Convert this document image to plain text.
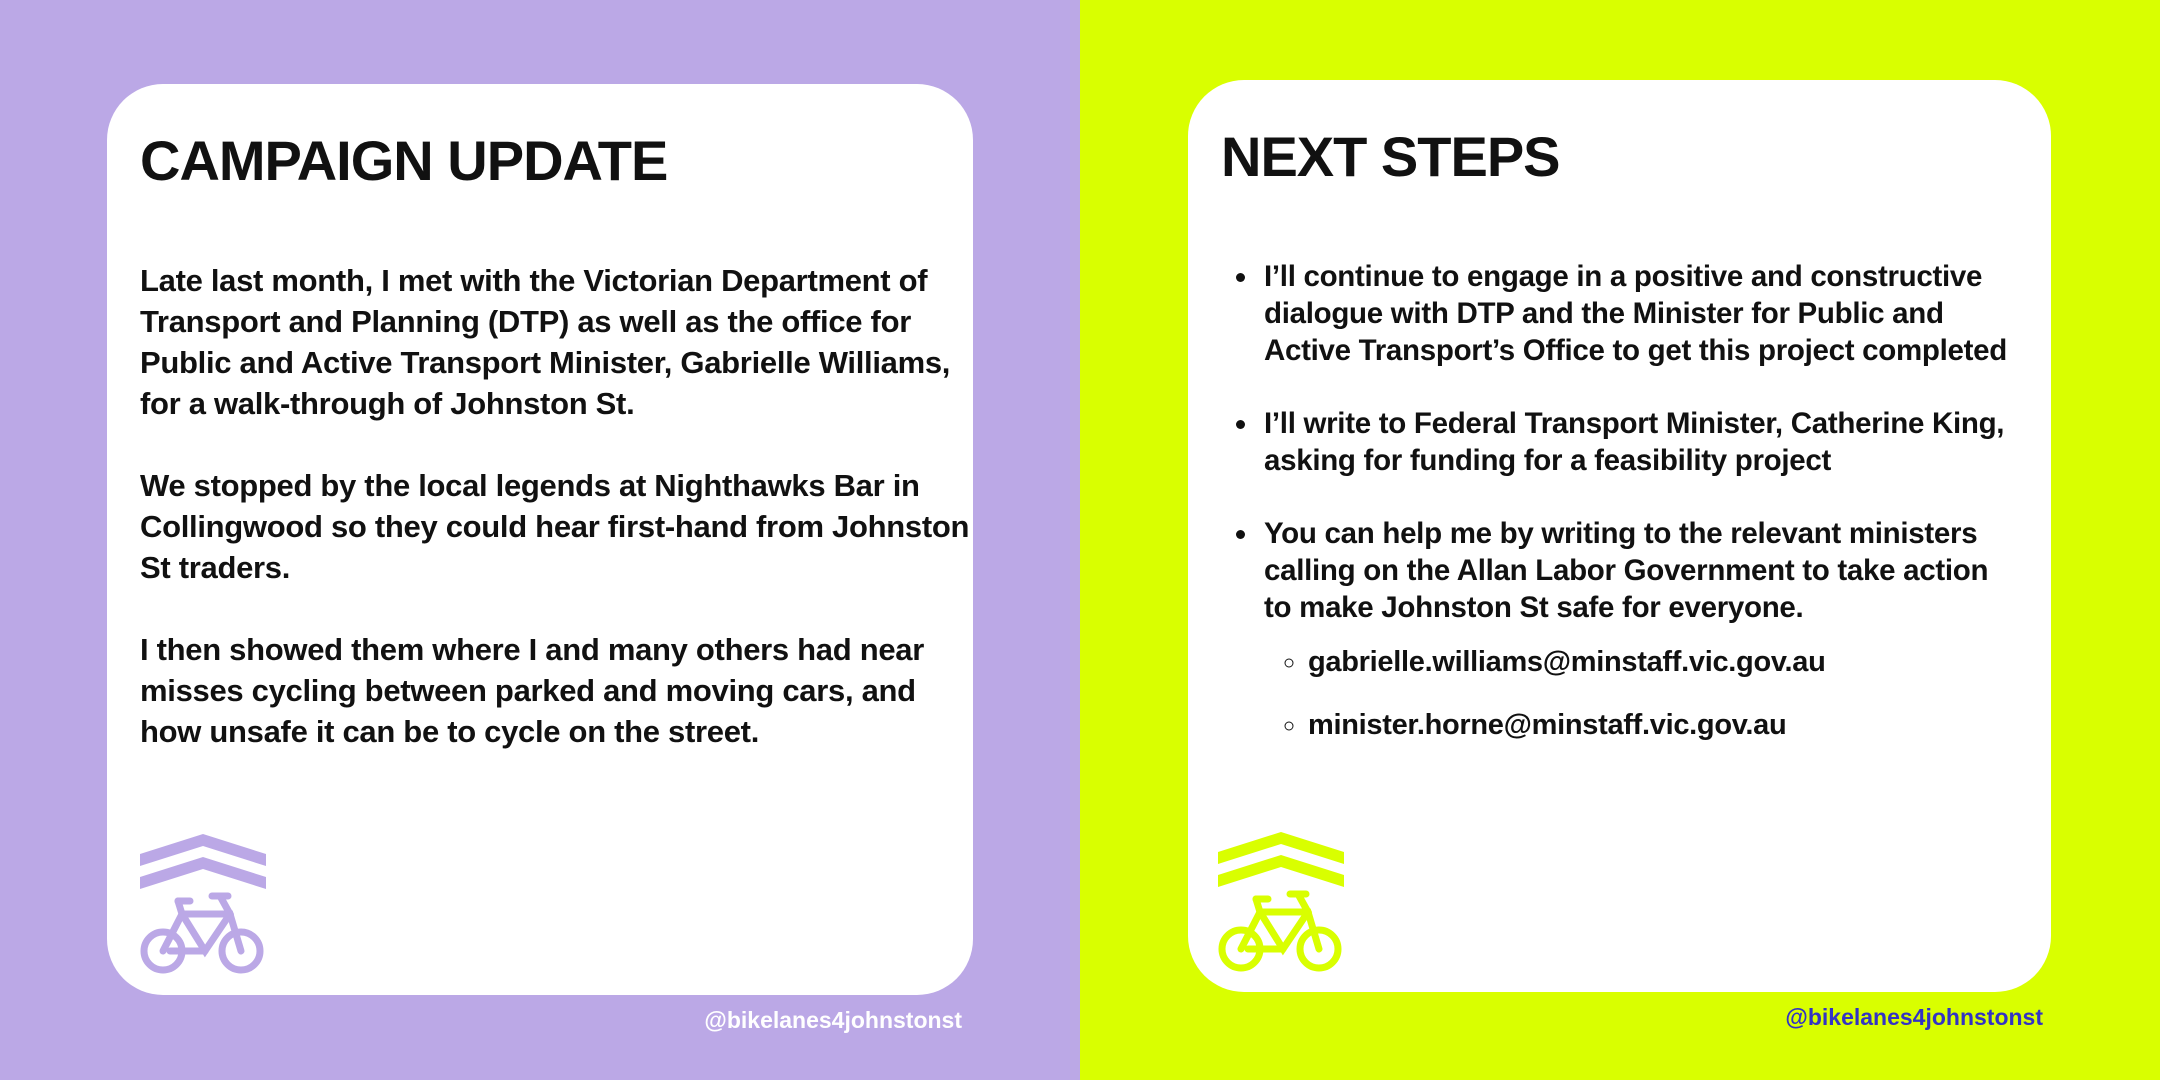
CAMPAIGN UPDATE

Late last month, I met with the Victorian Department of Transport and Planning (DTP) as well as the office for Public and Active Transport Minister, Gabrielle Williams, for a walk-through of Johnston St.

We stopped by the local legends at Nighthawks Bar in Collingwood so they could hear first-hand from Johnston St traders.

I then showed them where I and many others had near misses cycling between parked and moving cars, and how unsafe it can be to cycle on the street.

@bikelanes4johnstonst
NEXT STEPS
• I’ll continue to engage in a positive and constructive dialogue with DTP and the Minister for Public and Active Transport’s Office to get this project completed
• I’ll write to Federal Transport Minister, Catherine King, asking for funding for a feasibility project
• You can help me by writing to the relevant ministers calling on the Allan Labor Government to take action to make Johnston St safe for everyone.
◦ gabrielle.williams@minstaff.vic.gov.au
◦ minister.horne@minstaff.vic.gov.au
@bikelanes4johnstonst
